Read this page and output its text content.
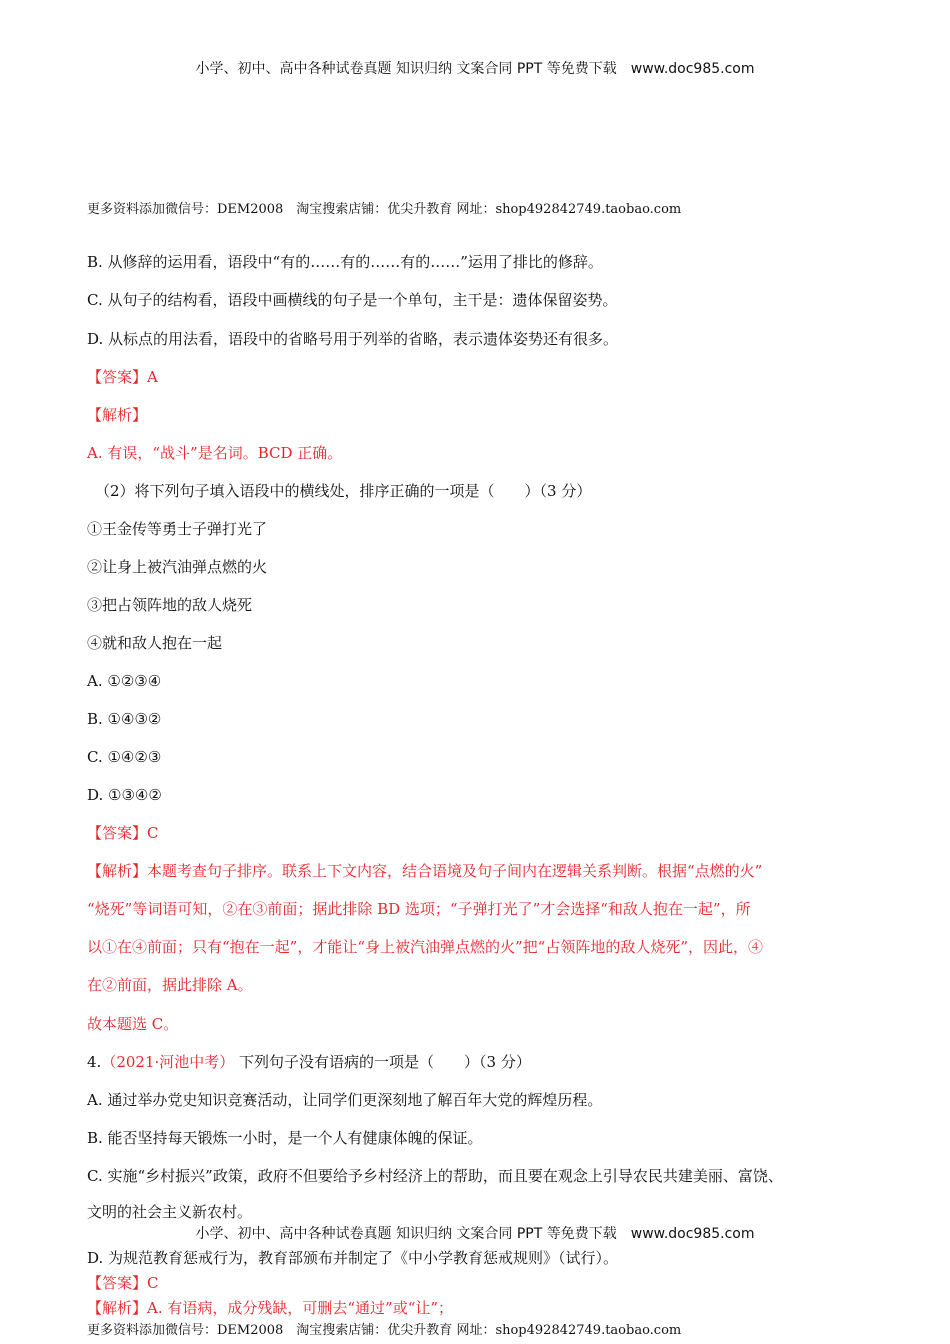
小学、初中、高中各种试卷真题 知识归纳 文案合同 PPT 等免费下载 www.doc985.com
更多资料添加微信号：DEM2008　淘宝搜索店铺：优尖升教育 网址：shop492842749.taobao.com
B. 从修辞的运用看，语段中“有的……有的……有的……”运用了排比的修辞。
C. 从句子的结构看，语段中画横线的句子是一个单句，主干是：遗体保留姿势。
D. 从标点的用法看，语段中的省略号用于列举的省略，表示遗体姿势还有很多。
【答案】A
【解析】
A. 有误，“战斗”是名词。BCD 正确。
（2）将下列句子填入语段中的横线处，排序正确的一项是（　　）（3 分）
①王金传等勇士子弹打光了
②让身上被汽油弹点燃的火
③把占领阵地的敌人烧死
④就和敌人抱在一起
A. ①②③④
B. ①④③②
C. ①④②③
D. ①③④②
【答案】C
【解析】本题考查句子排序。联系上下文内容，结合语境及句子间内在逻辑关系判断。根据“点燃的火”
“烧死”等词语可知，②在③前面；据此排除 BD 选项；“子弹打光了”才会选择“和敌人抱在一起”，所
以①在④前面；只有“抱在一起”，才能让“身上被汽油弹点燃的火”把“占领阵地的敌人烧死”，因此，④
在②前面，据此排除 A。
故本题选 C。
4.（2021·河池中考） 下列句子没有语病的一项是（　　）（3 分）
A. 通过举办党史知识竞赛活动，让同学们更深刻地了解百年大党的辉煌历程。
B. 能否坚持每天锻炼一小时，是一个人有健康体魄的保证。
C. 实施“乡村振兴”政策，政府不但要给予乡村经济上的帮助，而且要在观念上引导农民共建美丽、富饶、
文明的社会主义新农村。
小学、初中、高中各种试卷真题 知识归纳 文案合同 PPT 等免费下载 www.doc985.com
D. 为规范教育惩戒行为，教育部颁布并制定了《中小学教育惩戒规则》（试行）。
【答案】C
【解析】A. 有语病，成分残缺，可删去“通过”或“让”；
更多资料添加微信号：DEM2008　淘宝搜索店铺：优尖升教育 网址：shop492842749.taobao.com
